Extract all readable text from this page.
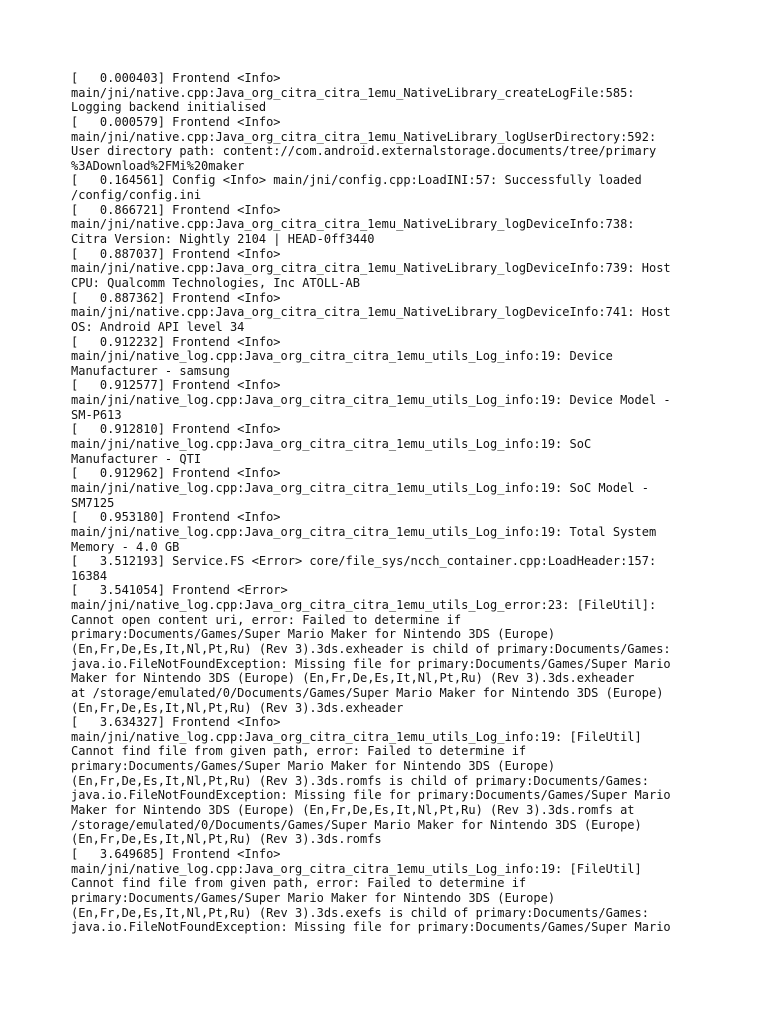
[   0.000403] Frontend <Info>
main/jni/native.cpp:Java_org_citra_citra_1emu_NativeLibrary_createLogFile:585:
Logging backend initialised
[   0.000579] Frontend <Info>
main/jni/native.cpp:Java_org_citra_citra_1emu_NativeLibrary_logUserDirectory:592:
User directory path: content://com.android.externalstorage.documents/tree/primary
%3ADownload%2FMi%20maker
[   0.164561] Config <Info> main/jni/config.cpp:LoadINI:57: Successfully loaded
/config/config.ini
[   0.866721] Frontend <Info>
main/jni/native.cpp:Java_org_citra_citra_1emu_NativeLibrary_logDeviceInfo:738:
Citra Version: Nightly 2104 | HEAD-0ff3440
[   0.887037] Frontend <Info>
main/jni/native.cpp:Java_org_citra_citra_1emu_NativeLibrary_logDeviceInfo:739: Host
CPU: Qualcomm Technologies, Inc ATOLL-AB
[   0.887362] Frontend <Info>
main/jni/native.cpp:Java_org_citra_citra_1emu_NativeLibrary_logDeviceInfo:741: Host
OS: Android API level 34
[   0.912232] Frontend <Info>
main/jni/native_log.cpp:Java_org_citra_citra_1emu_utils_Log_info:19: Device
Manufacturer - samsung
[   0.912577] Frontend <Info>
main/jni/native_log.cpp:Java_org_citra_citra_1emu_utils_Log_info:19: Device Model -
SM-P613
[   0.912810] Frontend <Info>
main/jni/native_log.cpp:Java_org_citra_citra_1emu_utils_Log_info:19: SoC
Manufacturer - QTI
[   0.912962] Frontend <Info>
main/jni/native_log.cpp:Java_org_citra_citra_1emu_utils_Log_info:19: SoC Model -
SM7125
[   0.953180] Frontend <Info>
main/jni/native_log.cpp:Java_org_citra_citra_1emu_utils_Log_info:19: Total System
Memory - 4.0 GB
[   3.512193] Service.FS <Error> core/file_sys/ncch_container.cpp:LoadHeader:157:
16384
[   3.541054] Frontend <Error>
main/jni/native_log.cpp:Java_org_citra_citra_1emu_utils_Log_error:23: [FileUtil]:
Cannot open content uri, error: Failed to determine if
primary:Documents/Games/Super Mario Maker for Nintendo 3DS (Europe)
(En,Fr,De,Es,It,Nl,Pt,Ru) (Rev 3).3ds.exheader is child of primary:Documents/Games:
java.io.FileNotFoundException: Missing file for primary:Documents/Games/Super Mario
Maker for Nintendo 3DS (Europe) (En,Fr,De,Es,It,Nl,Pt,Ru) (Rev 3).3ds.exheader
at /storage/emulated/0/Documents/Games/Super Mario Maker for Nintendo 3DS (Europe)
(En,Fr,De,Es,It,Nl,Pt,Ru) (Rev 3).3ds.exheader
[   3.634327] Frontend <Info>
main/jni/native_log.cpp:Java_org_citra_citra_1emu_utils_Log_info:19: [FileUtil]
Cannot find file from given path, error: Failed to determine if
primary:Documents/Games/Super Mario Maker for Nintendo 3DS (Europe)
(En,Fr,De,Es,It,Nl,Pt,Ru) (Rev 3).3ds.romfs is child of primary:Documents/Games:
java.io.FileNotFoundException: Missing file for primary:Documents/Games/Super Mario
Maker for Nintendo 3DS (Europe) (En,Fr,De,Es,It,Nl,Pt,Ru) (Rev 3).3ds.romfs at
/storage/emulated/0/Documents/Games/Super Mario Maker for Nintendo 3DS (Europe)
(En,Fr,De,Es,It,Nl,Pt,Ru) (Rev 3).3ds.romfs
[   3.649685] Frontend <Info>
main/jni/native_log.cpp:Java_org_citra_citra_1emu_utils_Log_info:19: [FileUtil]
Cannot find file from given path, error: Failed to determine if
primary:Documents/Games/Super Mario Maker for Nintendo 3DS (Europe)
(En,Fr,De,Es,It,Nl,Pt,Ru) (Rev 3).3ds.exefs is child of primary:Documents/Games:
java.io.FileNotFoundException: Missing file for primary:Documents/Games/Super Mario
